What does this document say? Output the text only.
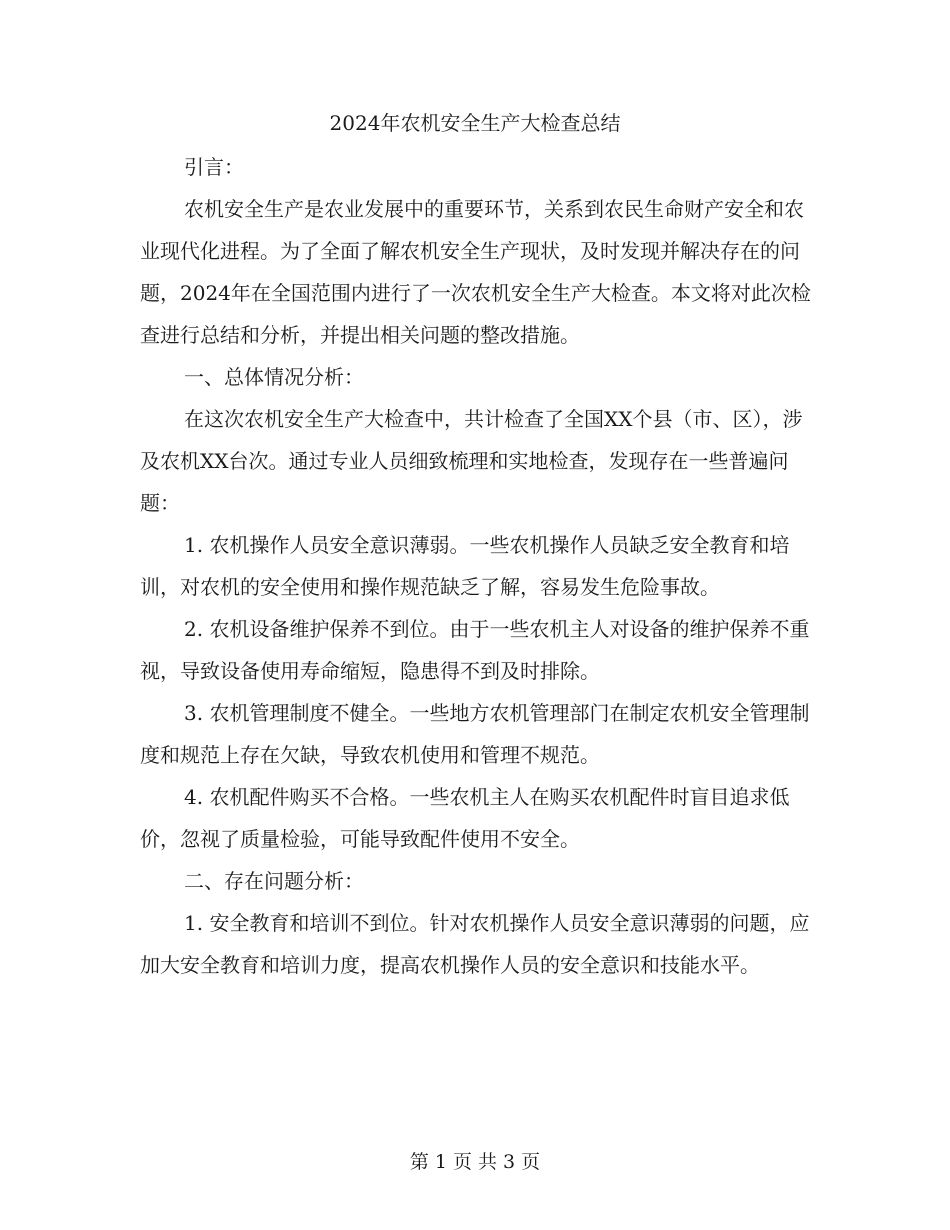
2024年农机安全生产大检查总结

引言：

农机安全生产是农业发展中的重要环节，关系到农民生命财产安全和农业现代化进程。为了全面了解农机安全生产现状，及时发现并解决存在的问题，2024年在全国范围内进行了一次农机安全生产大检查。本文将对此次检查进行总结和分析，并提出相关问题的整改措施。

一、总体情况分析：

在这次农机安全生产大检查中，共计检查了全国XX个县（市、区），涉及农机XX台次。通过专业人员细致梳理和实地检查，发现存在一些普遍问题：

1. 农机操作人员安全意识薄弱。一些农机操作人员缺乏安全教育和培训，对农机的安全使用和操作规范缺乏了解，容易发生危险事故。

2. 农机设备维护保养不到位。由于一些农机主人对设备的维护保养不重视，导致设备使用寿命缩短，隐患得不到及时排除。

3. 农机管理制度不健全。一些地方农机管理部门在制定农机安全管理制度和规范上存在欠缺，导致农机使用和管理不规范。

4. 农机配件购买不合格。一些农机主人在购买农机配件时盲目追求低价，忽视了质量检验，可能导致配件使用不安全。

二、存在问题分析：

1. 安全教育和培训不到位。针对农机操作人员安全意识薄弱的问题，应加大安全教育和培训力度，提高农机操作人员的安全意识和技能水平。

第 1 页 共 3 页
